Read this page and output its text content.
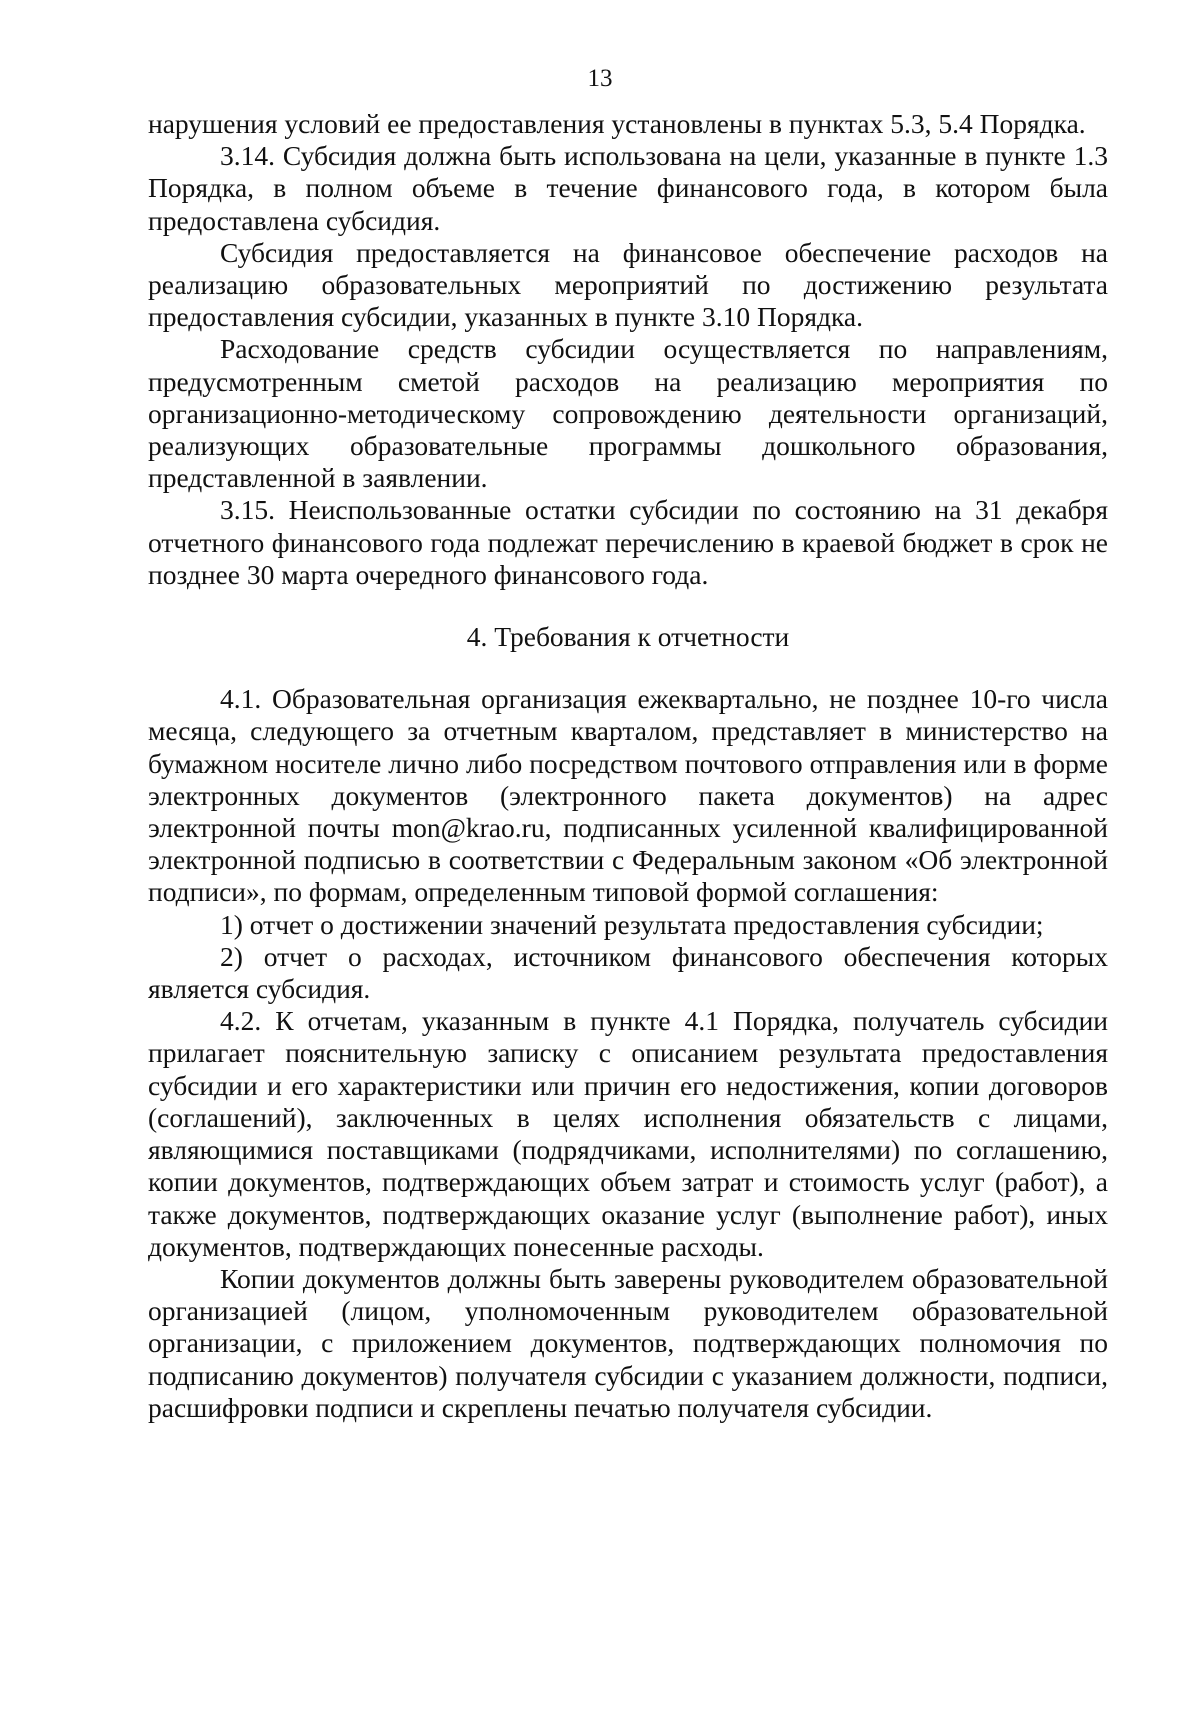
13

нарушения условий ее предоставления установлены в пунктах 5.3, 5.4 Порядка.

3.14. Субсидия должна быть использована на цели, указанные в пункте 1.3 Порядка, в полном объеме в течение финансового года, в котором была предоставлена субсидия.

Субсидия предоставляется на финансовое обеспечение расходов на реализацию образовательных мероприятий по достижению результата предоставления субсидии, указанных в пункте 3.10 Порядка.

Расходование средств субсидии осуществляется по направлениям, предусмотренным сметой расходов на реализацию мероприятия по организационно-методическому сопровождению деятельности организаций, реализующих образовательные программы дошкольного образования, представленной в заявлении.

3.15. Неиспользованные остатки субсидии по состоянию на 31 декабря отчетного финансового года подлежат перечислению в краевой бюджет в срок не позднее 30 марта очередного финансового года.

4. Требования к отчетности

4.1. Образовательная организация ежеквартально, не позднее 10-го числа месяца, следующего за отчетным кварталом, представляет в министерство на бумажном носителе лично либо посредством почтового отправления или в форме электронных документов (электронного пакета документов) на адрес электронной почты mon@krao.ru, подписанных усиленной квалифицированной электронной подписью в соответствии с Федеральным законом «Об электронной подписи», по формам, определенным типовой формой соглашения:

1) отчет о достижении значений результата предоставления субсидии;

2) отчет о расходах, источником финансового обеспечения которых является субсидия.

4.2. К отчетам, указанным в пункте 4.1 Порядка, получатель субсидии прилагает пояснительную записку с описанием результата предоставления субсидии и его характеристики или причин его недостижения, копии договоров (соглашений), заключенных в целях исполнения обязательств с лицами, являющимися поставщиками (подрядчиками, исполнителями) по соглашению, копии документов, подтверждающих объем затрат и стоимость услуг (работ), а также документов, подтверждающих оказание услуг (выполнение работ), иных документов, подтверждающих понесенные расходы.

Копии документов должны быть заверены руководителем образовательной организацией (лицом, уполномоченным руководителем образовательной организации, с приложением документов, подтверждающих полномочия по подписанию документов) получателя субсидии с указанием должности, подписи, расшифровки подписи и скреплены печатью получателя субсидии.
